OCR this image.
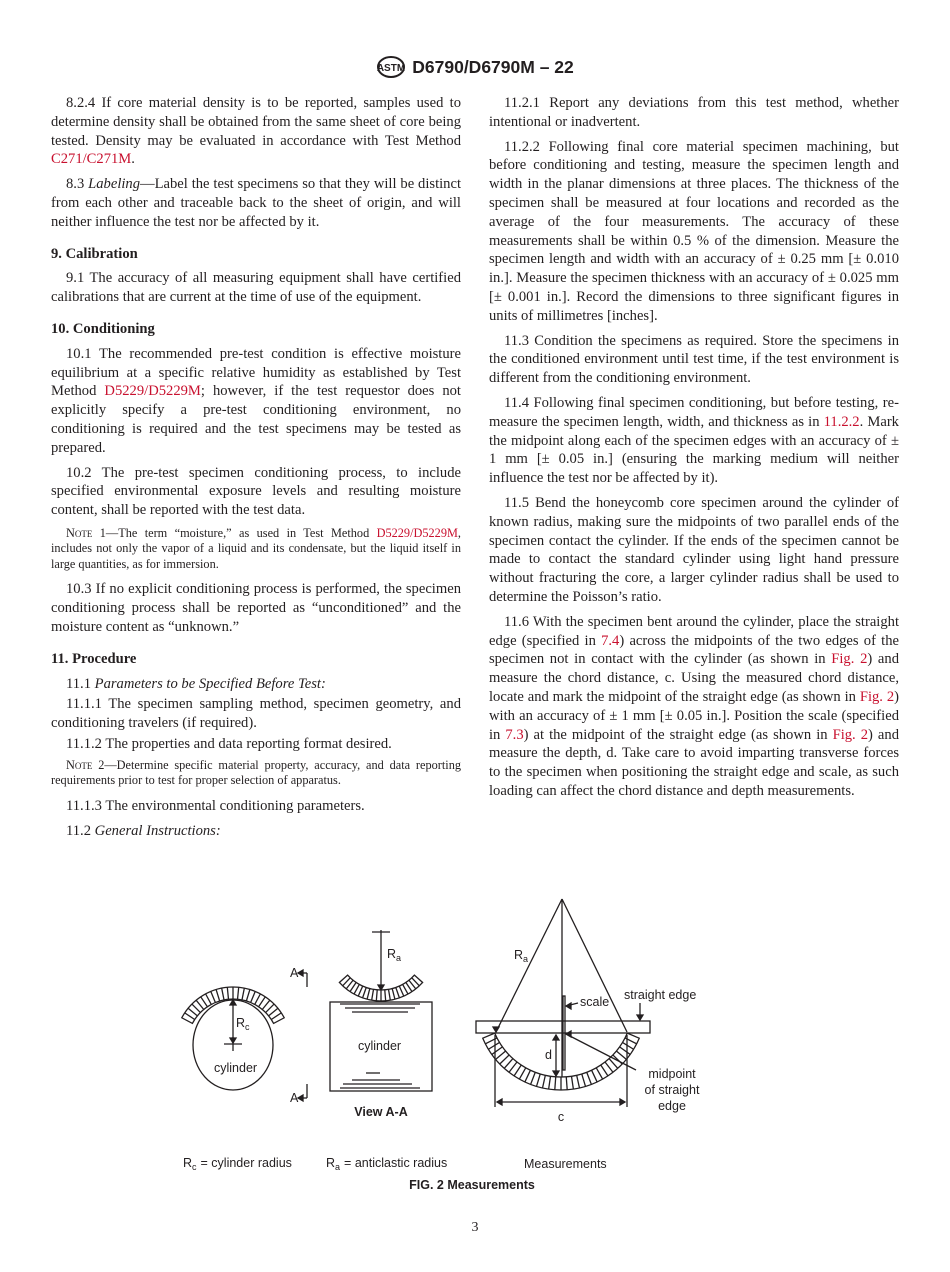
ASTM D6790/D6790M – 22

8.2.4 If core material density is to be reported, samples used to determine density shall be obtained from the same sheet of core being tested. Density may be evaluated in accordance with Test Method C271/C271M.

8.3 Labeling—Label the test specimens so that they will be distinct from each other and traceable back to the sheet of origin, and will neither influence the test nor be affected by it.

9. Calibration

9.1 The accuracy of all measuring equipment shall have certified calibrations that are current at the time of use of the equipment.

10. Conditioning

10.1 The recommended pre-test condition is effective moisture equilibrium at a specific relative humidity as established by Test Method D5229/D5229M; however, if the test requestor does not explicitly specify a pre-test conditioning environment, no conditioning is required and the test specimens may be tested as prepared.

10.2 The pre-test specimen conditioning process, to include specified environmental exposure levels and resulting moisture content, shall be reported with the test data.

Note 1—The term “moisture,” as used in Test Method D5229/D5229M, includes not only the vapor of a liquid and its condensate, but the liquid itself in large quantities, as for immersion.

10.3 If no explicit conditioning process is performed, the specimen conditioning process shall be reported as “unconditioned” and the moisture content as “unknown.”

11. Procedure

11.1 Parameters to be Specified Before Test:

11.1.1 The specimen sampling method, specimen geometry, and conditioning travelers (if required).

11.1.2 The properties and data reporting format desired.

Note 2—Determine specific material property, accuracy, and data reporting requirements prior to test for proper selection of apparatus.

11.1.3 The environmental conditioning parameters.

11.2 General Instructions:

11.2.1 Report any deviations from this test method, whether intentional or inadvertent.

11.2.2 Following final core material specimen machining, but before conditioning and testing, measure the specimen length and width in the planar dimensions at three places. The thickness of the specimen shall be measured at four locations and recorded as the average of the four measurements. The accuracy of these measurements shall be within 0.5 % of the dimension. Measure the specimen length and width with an accuracy of ± 0.25 mm [± 0.010 in.]. Measure the specimen thickness with an accuracy of ± 0.025 mm [± 0.001 in.]. Record the dimensions to three significant figures in units of millimetres [inches].

11.3 Condition the specimens as required. Store the specimens in the conditioned environment until test time, if the test environment is different from the conditioning environment.

11.4 Following final specimen conditioning, but before testing, re-measure the specimen length, width, and thickness as in 11.2.2. Mark the midpoint along each of the specimen edges with an accuracy of ± 1 mm [± 0.05 in.] (ensuring the marking medium will neither influence the test nor be affected by it).

11.5 Bend the honeycomb core specimen around the cylinder of known radius, making sure the midpoints of two parallel ends of the specimen contact the cylinder. If the ends of the specimen cannot be made to contact the standard cylinder using light hand pressure without fracturing the core, a larger cylinder radius shall be used to determine the Poisson’s ratio.

11.6 With the specimen bent around the cylinder, place the straight edge (specified in 7.4) across the midpoints of the two edges of the specimen not in contact with the cylinder (as shown in Fig. 2) and measure the chord distance, c. Using the measured chord distance, locate and mark the midpoint of the straight edge (as shown in Fig. 2) with an accuracy of ± 1 mm [± 0.05 in.]. Position the scale (specified in 7.3) at the midpoint of the straight edge (as shown in Fig. 2) and measure the depth, d. Take care to avoid imparting transverse forces to the specimen when positioning the straight edge and scale, as such loading can affect the chord distance and depth measurements.

A
A
$R_c$
cylinder
$R_a$
cylinder
View A-A
$R_a$
scale straight edge
d
c
midpoint
of straight
edge
$R_c$ = cylinder radius	$R_a$ = anticlastic radius	Measurements
FIG. 2 Measurements
3
